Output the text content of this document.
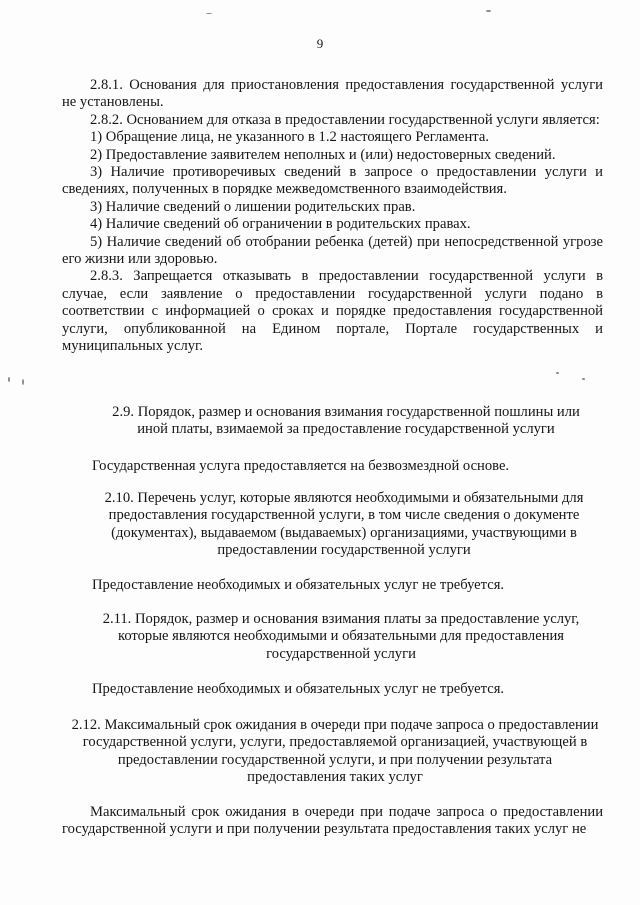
9

2.8.1. Основания для приостановления предоставления государственной услуги не установлены.

2.8.2. Основанием для отказа в предоставлении государственной услуги является:

1) Обращение лица, не указанного в 1.2 настоящего Регламента.

2) Предоставление заявителем неполных и (или) недостоверных сведений.

3) Наличие противоречивых сведений в запросе о предоставлении услуги и сведениях, полученных в порядке межведомственного взаимодействия.

3) Наличие сведений о лишении родительских прав.

4) Наличие сведений об ограничении в родительских правах.

5) Наличие сведений об отобрании ребенка (детей) при непосредственной угрозе его жизни или здоровью.

2.8.3. Запрещается отказывать в предоставлении государственной услуги в случае, если заявление о предоставлении государственной услуги подано в соответствии с информацией о сроках и порядке предоставления государственной услуги, опубликованной на Едином портале, Портале государственных и муниципальных услуг.

2.9. Порядок, размер и основания взимания государственной пошлины или иной платы, взимаемой за предоставление государственной услуги

Государственная услуга предоставляется на безвозмездной основе.

2.10. Перечень услуг, которые являются необходимыми и обязательными для предоставления государственной услуги, в том числе сведения о документе (документах), выдаваемом (выдаваемых) организациями, участвующими в предоставлении государственной услуги

Предоставление необходимых и обязательных услуг не требуется.

2.11. Порядок, размер и основания взимания платы за предоставление услуг, которые являются необходимыми и обязательными для предоставления государственной услуги

Предоставление необходимых и обязательных услуг не требуется.

2.12. Максимальный срок ожидания в очереди при подаче запроса о предоставлении государственной услуги, услуги, предоставляемой организацией, участвующей в предоставлении государственной услуги, и при получении результата предоставления таких услуг

Максимальный срок ожидания в очереди при подаче запроса о предоставлении государственной услуги и при получении результата предоставления таких услуг не
